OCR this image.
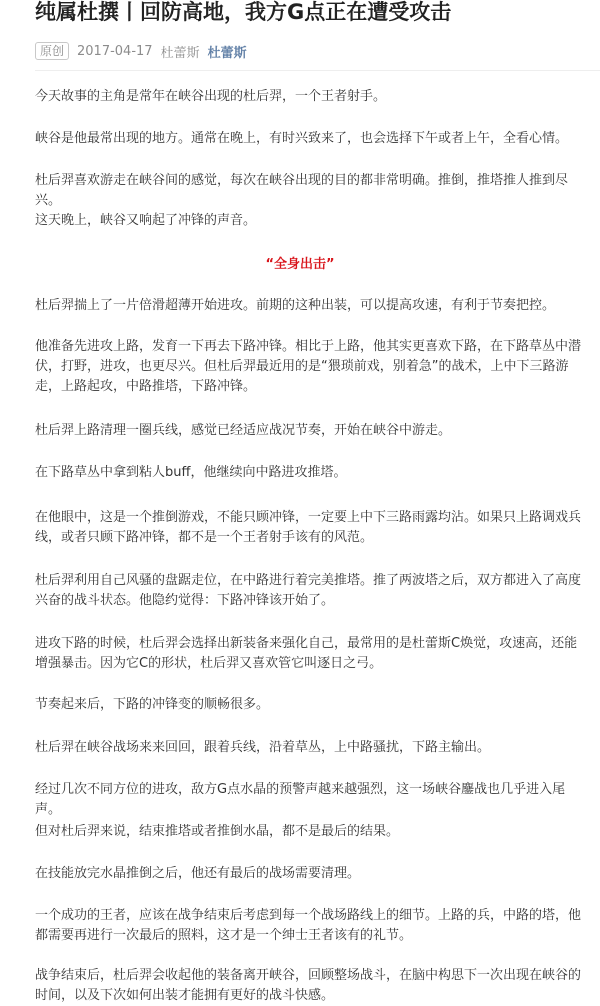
纯属杜撰丨回防高地，我方G点正在遭受攻击
原创	2017-04-17 杜蕾斯 杜蕾斯

今天故事的主角是常年在峡谷出现的杜后羿，一个王者射手。

峡谷是他最常出现的地方。通常在晚上，有时兴致来了，也会选择下午或者上午，全看心情。

杜后羿喜欢游走在峡谷间的感觉，每次在峡谷出现的目的都非常明确。推倒，推塔推人推到尽兴。

这天晚上，峡谷又响起了冲锋的声音。

“全身出击”

杜后羿揣上了一片倍滑超薄开始进攻。前期的这种出装，可以提高攻速，有利于节奏把控。

他准备先进攻上路，发育一下再去下路冲锋。相比于上路，他其实更喜欢下路，在下路草丛中潜伏，打野，进攻，也更尽兴。但杜后羿最近用的是“猥琐前戏，别着急”的战术，上中下三路游走，上路起攻，中路推塔，下路冲锋。

杜后羿上路清理一圈兵线，感觉已经适应战况节奏，开始在峡谷中游走。

在下路草丛中拿到粘人buff，他继续向中路进攻推塔。

在他眼中，这是一个推倒游戏，不能只顾冲锋，一定要上中下三路雨露均沾。如果只上路调戏兵线，或者只顾下路冲锋，都不是一个王者射手该有的风范。

杜后羿利用自己风骚的盘踞走位，在中路进行着完美推塔。推了两波塔之后，双方都进入了高度兴奋的战斗状态。他隐约觉得：下路冲锋该开始了。

进攻下路的时候，杜后羿会选择出新装备来强化自己，最常用的是杜蕾斯C焕觉，攻速高，还能增强暴击。因为它C的形状，杜后羿又喜欢管它叫逐日之弓。

节奏起来后，下路的冲锋变的顺畅很多。

杜后羿在峡谷战场来来回回，跟着兵线，沿着草丛，上中路骚扰，下路主输出。

经过几次不同方位的进攻，敌方G点水晶的预警声越来越强烈，这一场峡谷鏖战也几乎进入尾声。

但对杜后羿来说，结束推塔或者推倒水晶，都不是最后的结果。

在技能放完水晶推倒之后，他还有最后的战场需要清理。

一个成功的王者，应该在战争结束后考虑到每一个战场路线上的细节。上路的兵，中路的塔，他都需要再进行一次最后的照料，这才是一个绅士王者该有的礼节。

战争结束后，杜后羿会收起他的装备离开峡谷，回顾整场战斗，在脑中构思下一次出现在峡谷的时间，以及下次如何出装才能拥有更好的战斗快感。
